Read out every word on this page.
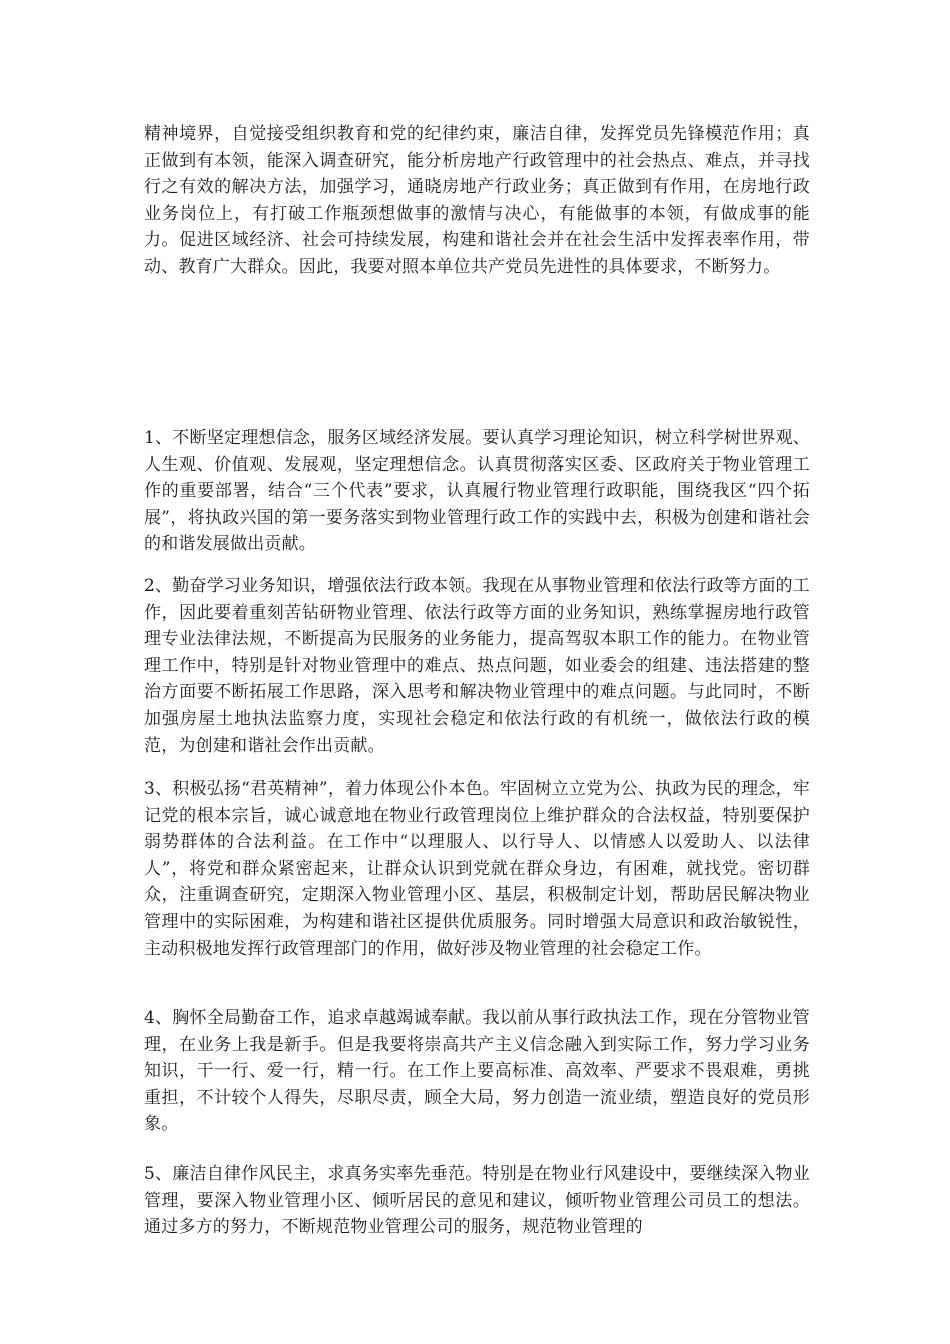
精神境界，自觉接受组织教育和党的纪律约束，廉洁自律，发挥党员先锋模范作用；真正做到有本领，能深入调查研究，能分析房地产行政管理中的社会热点、难点，并寻找行之有效的解决方法，加强学习，通晓房地产行政业务；真正做到有作用，在房地行政业务岗位上，有打破工作瓶颈想做事的激情与决心，有能做事的本领，有做成事的能力。促进区域经济、社会可持续发展，构建和谐社会并在社会生活中发挥表率作用，带动、教育广大群众。因此，我要对照本单位共产党员先进性的具体要求，不断努力。

1、不断坚定理想信念，服务区域经济发展。要认真学习理论知识，树立科学树世界观、人生观、价值观、发展观，坚定理想信念。认真贯彻落实区委、区政府关于物业管理工作的重要部署，结合“三个代表”要求，认真履行物业管理行政职能，围绕我区“四个拓展”，将执政兴国的第一要务落实到物业管理行政工作的实践中去，积极为创建和谐社会的和谐发展做出贡献。

2、勤奋学习业务知识，增强依法行政本领。我现在从事物业管理和依法行政等方面的工作，因此要着重刻苦钻研物业管理、依法行政等方面的业务知识，熟练掌握房地行政管理专业法律法规，不断提高为民服务的业务能力，提高驾驭本职工作的能力。在物业管理工作中，特别是针对物业管理中的难点、热点问题，如业委会的组建、违法搭建的整治方面要不断拓展工作思路，深入思考和解决物业管理中的难点问题。与此同时，不断加强房屋土地执法监察力度，实现社会稳定和依法行政的有机统一，做依法行政的模范，为创建和谐社会作出贡献。

3、积极弘扬“君英精神”，着力体现公仆本色。牢固树立立党为公、执政为民的理念，牢记党的根本宗旨，诚心诚意地在物业行政管理岗位上维护群众的合法权益，特别要保护弱势群体的合法利益。在工作中“以理服人、以行导人、以情感人以爱助人、以法律人”，将党和群众紧密起来，让群众认识到党就在群众身边，有困难，就找党。密切群众，注重调查研究，定期深入物业管理小区、基层，积极制定计划，帮助居民解决物业管理中的实际困难，为构建和谐社区提供优质服务。同时增强大局意识和政治敏锐性，主动积极地发挥行政管理部门的作用，做好涉及物业管理的社会稳定工作。

4、胸怀全局勤奋工作，追求卓越竭诚奉献。我以前从事行政执法工作，现在分管物业管理，在业务上我是新手。但是我要将崇高共产主义信念融入到实际工作，努力学习业务知识，干一行、爱一行，精一行。在工作上要高标准、高效率、严要求不畏艰难，勇挑重担，不计较个人得失，尽职尽责，顾全大局，努力创造一流业绩，塑造良好的党员形象。

5、廉洁自律作风民主，求真务实率先垂范。特别是在物业行风建设中，要继续深入物业管理，要深入物业管理小区、倾听居民的意见和建议，倾听物业管理公司员工的想法。通过多方的努力，不断规范物业管理公司的服务，规范物业管理的
